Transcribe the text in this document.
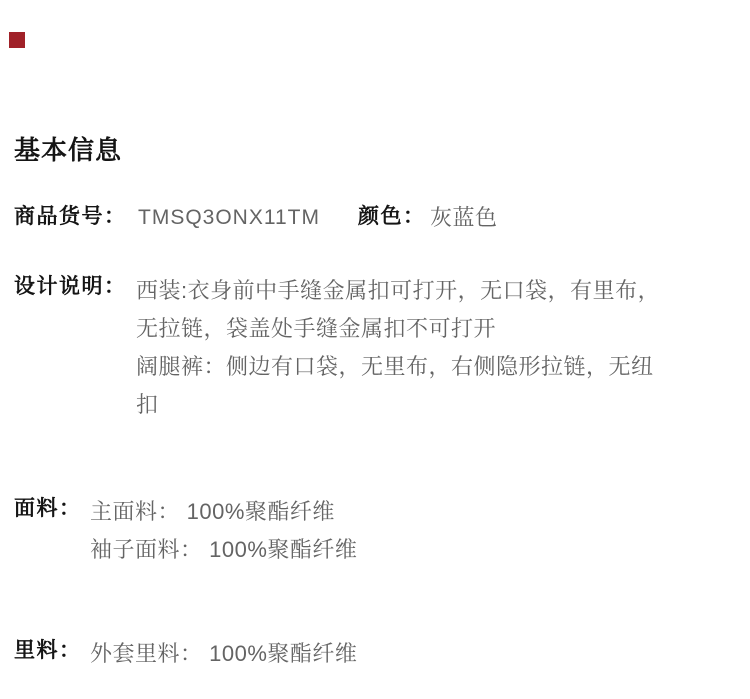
基本信息
商品货号： TMSQ3ONX11TM 颜色： 灰蓝色
设计说明： 西装:衣身前中手缝金属扣可打开，无口袋，有里布，
无拉链，袋盖处手缝金属扣不可打开
阔腿裤：侧边有口袋，无里布，右侧隐形拉链，无纽
扣
面料： 主面料： 100%聚酯纤维
袖子面料： 100%聚酯纤维
里料： 外套里料： 100%聚酯纤维
